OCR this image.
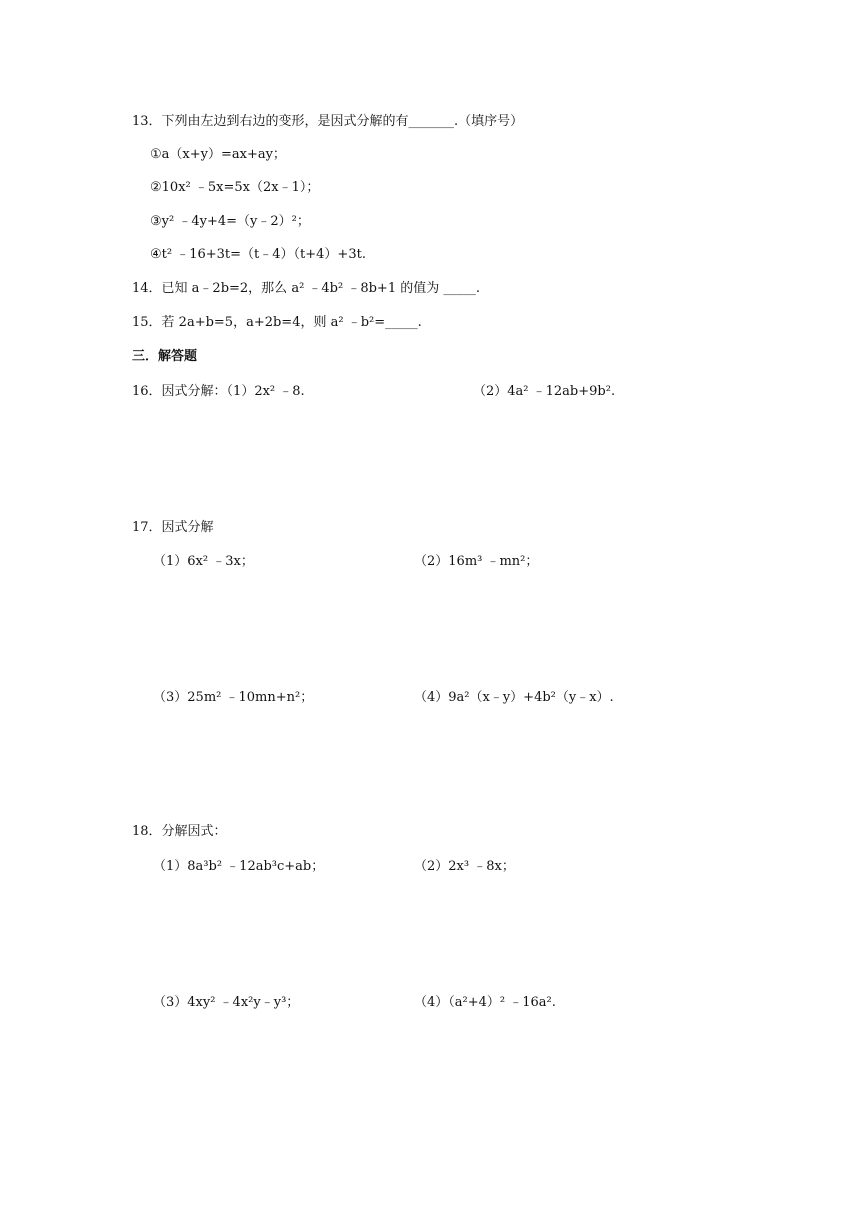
13．下列由左边到右边的变形，是因式分解的有_______.（填序号）
①a（x+y）=ax+ay；
②10x² ﹣5x=5x（2x﹣1）；
③y² ﹣4y+4=（y﹣2）²；
④t² ﹣16+3t=（t﹣4）（t+4）+3t.
14．已知 a﹣2b=2，那么 a² ﹣4b² ﹣8b+1 的值为 _____.
15．若 2a+b=5，a+2b=4，则 a² ﹣b²=_____.
三．解答题
16．因式分解：（1）2x² ﹣8.	（2）4a² ﹣12ab+9b².
17．因式分解
（1）6x² ﹣3x；	（2）16m³ ﹣mn²；
（3）25m² ﹣10mn+n²；	（4）9a²（x﹣y）+4b²（y﹣x）.
18．分解因式：
（1）8a³b² ﹣12ab³c+ab；	（2）2x³ ﹣8x；
（3）4xy² ﹣4x²y﹣y³；	（4）（a²+4）² ﹣16a².
